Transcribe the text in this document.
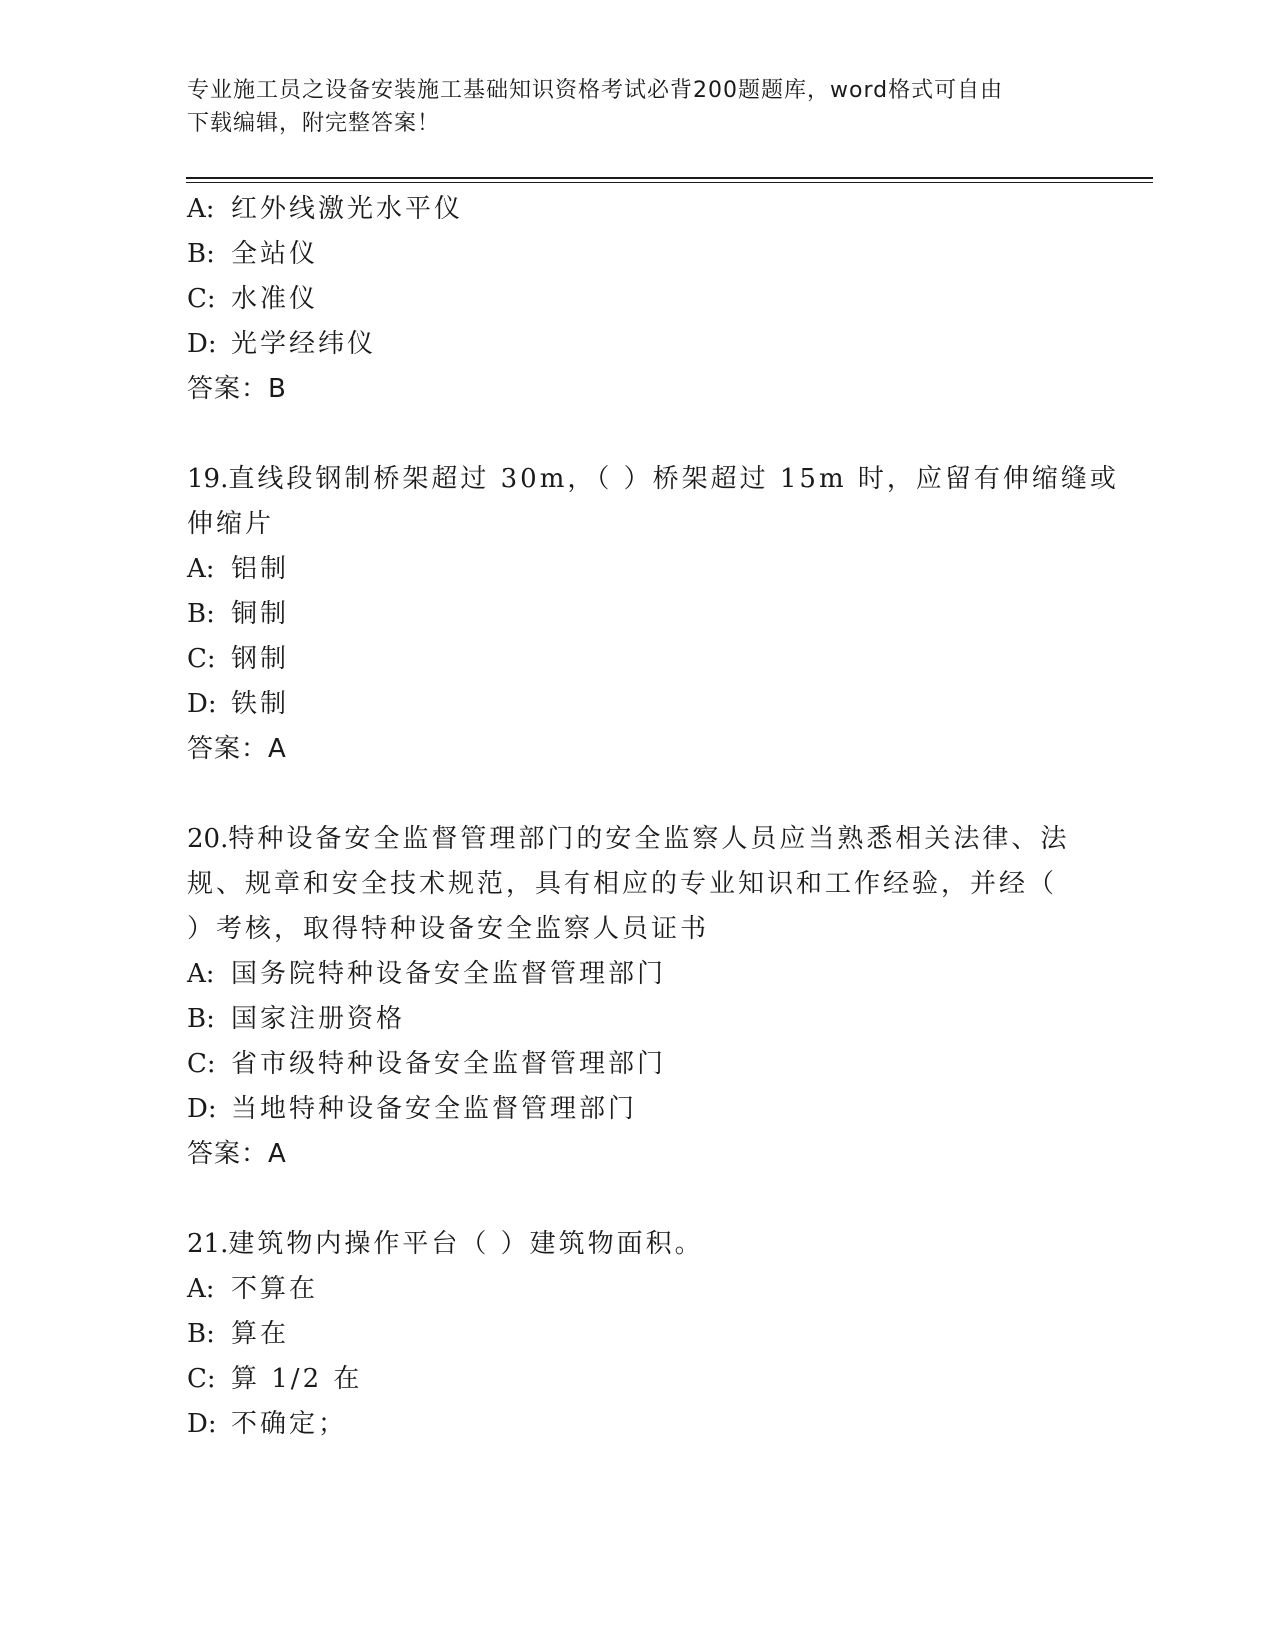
专业施工员之设备安装施工基础知识资格考试必背200题题库，word格式可自由
下载编辑，附完整答案！
A: 红外线激光水平仪
B: 全站仪
C: 水准仪
D: 光学经纬仪
答案：B
19.直线段钢制桥架超过 30m，（ ）桥架超过 15m 时，应留有伸缩缝或
伸缩片
A: 铝制
B: 铜制
C: 钢制
D: 铁制
答案：A
20.特种设备安全监督管理部门的安全监察人员应当熟悉相关法律、法
规、规章和安全技术规范，具有相应的专业知识和工作经验，并经（
）考核，取得特种设备安全监察人员证书
A: 国务院特种设备安全监督管理部门
B: 国家注册资格
C: 省市级特种设备安全监督管理部门
D: 当地特种设备安全监督管理部门
答案：A
21.建筑物内操作平台（ ）建筑物面积。
A: 不算在
B: 算在
C: 算 1/2 在
D: 不确定；
